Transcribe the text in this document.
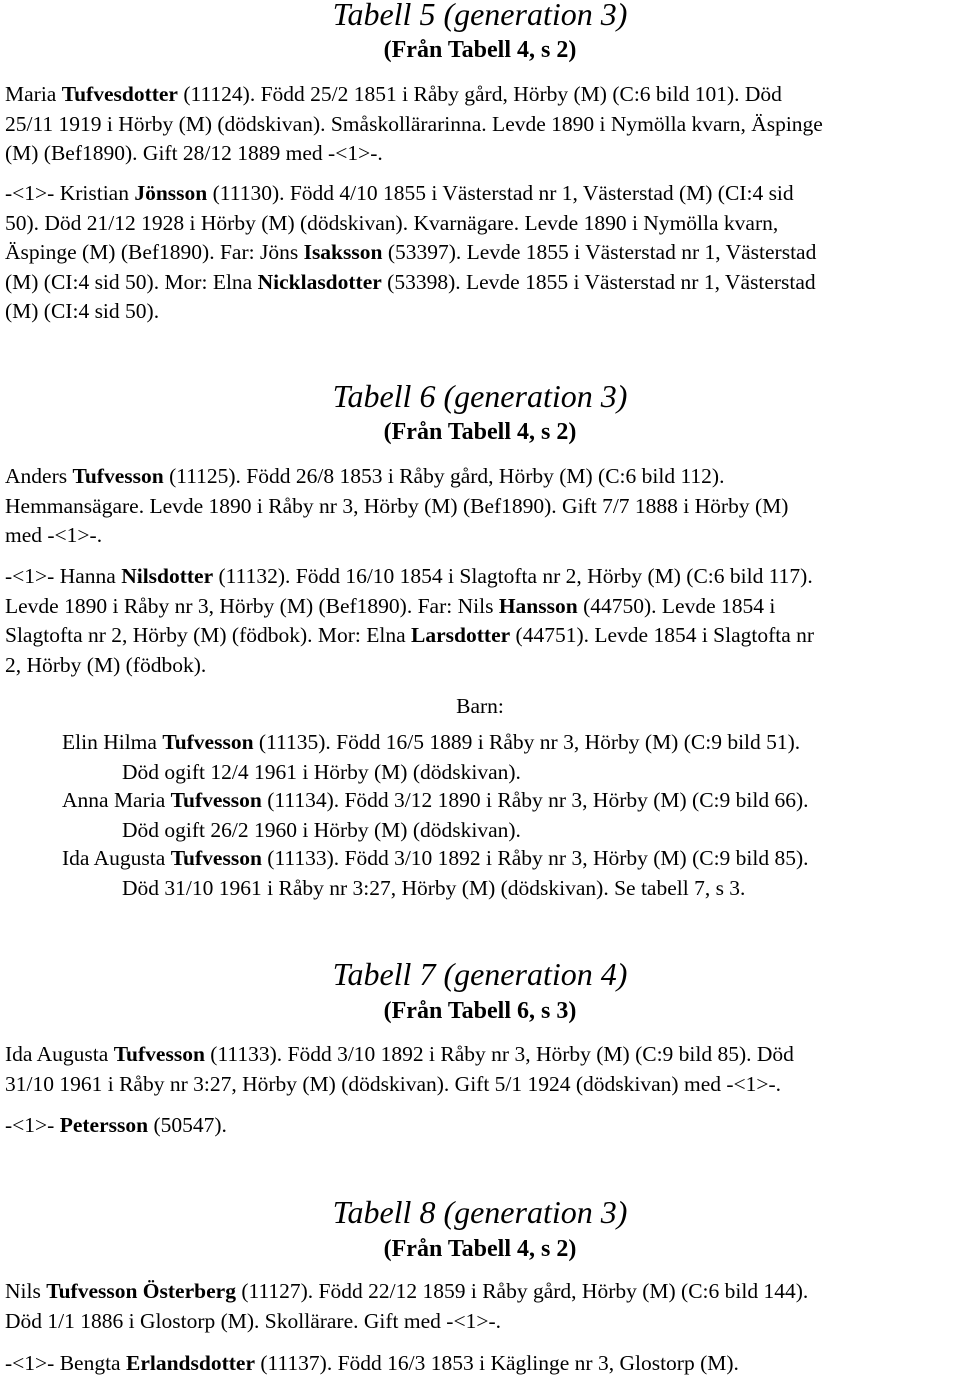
Tabell 5 (generation 3)
(Från Tabell 4, s 2)
Maria Tufvesdotter (11124). Född 25/2 1851 i Råby gård, Hörby (M) (C:6 bild 101). Död
25/11 1919 i Hörby (M) (dödskivan). Småskollärarinna. Levde 1890 i Nymölla kvarn, Äspinge
(M) (Bef1890). Gift 28/12 1889 med -<1>-.
-<1>- Kristian Jönsson (11130). Född 4/10 1855 i Västerstad nr 1, Västerstad (M) (CI:4 sid
50). Död 21/12 1928 i Hörby (M) (dödskivan). Kvarnägare. Levde 1890 i Nymölla kvarn,
Äspinge (M) (Bef1890). Far: Jöns Isaksson (53397). Levde 1855 i Västerstad nr 1, Västerstad
(M) (CI:4 sid 50). Mor: Elna Nicklasdotter (53398). Levde 1855 i Västerstad nr 1, Västerstad
(M) (CI:4 sid 50).
Tabell 6 (generation 3)
(Från Tabell 4, s 2)
Anders Tufvesson (11125). Född 26/8 1853 i Råby gård, Hörby (M) (C:6 bild 112).
Hemmansägare. Levde 1890 i Råby nr 3, Hörby (M) (Bef1890). Gift 7/7 1888 i Hörby (M)
med -<1>-.
-<1>- Hanna Nilsdotter (11132). Född 16/10 1854 i Slagtofta nr 2, Hörby (M) (C:6 bild 117).
Levde 1890 i Råby nr 3, Hörby (M) (Bef1890). Far: Nils Hansson (44750). Levde 1854 i
Slagtofta nr 2, Hörby (M) (födbok). Mor: Elna Larsdotter (44751). Levde 1854 i Slagtofta nr
2, Hörby (M) (födbok).
Barn:
Elin Hilma Tufvesson (11135). Född 16/5 1889 i Råby nr 3, Hörby (M) (C:9 bild 51).
Död ogift 12/4 1961 i Hörby (M) (dödskivan).
Anna Maria Tufvesson (11134). Född 3/12 1890 i Råby nr 3, Hörby (M) (C:9 bild 66).
Död ogift 26/2 1960 i Hörby (M) (dödskivan).
Ida Augusta Tufvesson (11133). Född 3/10 1892 i Råby nr 3, Hörby (M) (C:9 bild 85).
Död 31/10 1961 i Råby nr 3:27, Hörby (M) (dödskivan). Se tabell 7, s 3.
Tabell 7 (generation 4)
(Från Tabell 6, s 3)
Ida Augusta Tufvesson (11133). Född 3/10 1892 i Råby nr 3, Hörby (M) (C:9 bild 85). Död
31/10 1961 i Råby nr 3:27, Hörby (M) (dödskivan). Gift 5/1 1924 (dödskivan) med -<1>-.
-<1>- Petersson (50547).
Tabell 8 (generation 3)
(Från Tabell 4, s 2)
Nils Tufvesson Österberg (11127). Född 22/12 1859 i Råby gård, Hörby (M) (C:6 bild 144).
Död 1/1 1886 i Glostorp (M). Skollärare. Gift med -<1>-.
-<1>- Bengta Erlandsdotter (11137). Född 16/3 1853 i Käglinge nr 3, Glostorp (M).
